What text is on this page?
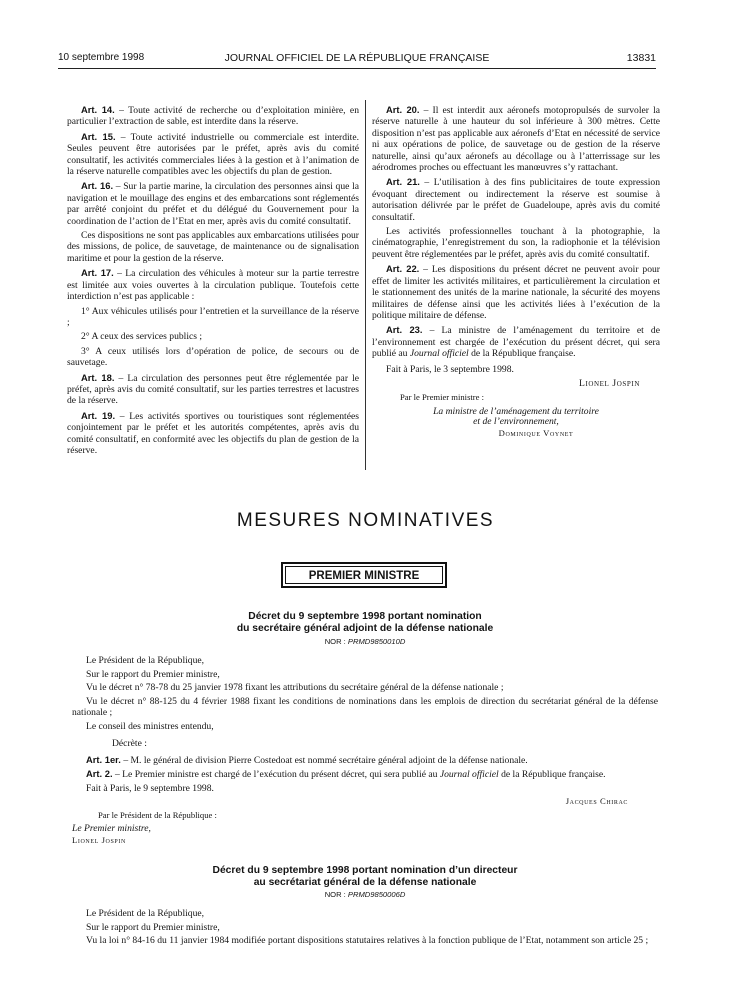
10 septembre 1998	JOURNAL OFFICIEL DE LA RÉPUBLIQUE FRANÇAISE	13831

Art. 14. – Toute activité de recherche ou d’exploitation minière, en particulier l’extraction de sable, est interdite dans la réserve.

Art. 15. – Toute activité industrielle ou commerciale est interdite. Seules peuvent être autorisées par le préfet, après avis du comité consultatif, les activités commerciales liées à la gestion et à l’animation de la réserve naturelle compatibles avec les objectifs du plan de gestion.

Art. 16. – Sur la partie marine, la circulation des personnes ainsi que la navigation et le mouillage des engins et des embarcations sont réglementés par arrêté conjoint du préfet et du délégué du Gouvernement pour la coordination de l’action de l’Etat en mer, après avis du comité consultatif.

Ces dispositions ne sont pas applicables aux embarcations utilisées pour des missions, de police, de sauvetage, de maintenance ou de signalisation maritime et pour la gestion de la réserve.

Art. 17. – La circulation des véhicules à moteur sur la partie terrestre est limitée aux voies ouvertes à la circulation publique. Toutefois cette interdiction n’est pas applicable :

1° Aux véhicules utilisés pour l’entretien et la surveillance de la réserve ;

2° A ceux des services publics ;

3° A ceux utilisés lors d’opération de police, de secours ou de sauvetage.

Art. 18. – La circulation des personnes peut être réglementée par le préfet, après avis du comité consultatif, sur les parties terrestres et lacustres de la réserve.

Art. 19. – Les activités sportives ou touristiques sont réglementées conjointement par le préfet et les autorités compétentes, après avis du comité consultatif, en conformité avec les objectifs du plan de gestion de la réserve.

Art. 20. – Il est interdit aux aéronefs motopropulsés de survoler la réserve naturelle à une hauteur du sol inférieure à 300 mètres. Cette disposition n’est pas applicable aux aéronefs d’Etat en nécessité de service ni aux opérations de police, de sauvetage ou de gestion de la réserve naturelle, ainsi qu’aux aéronefs au décollage ou à l’atterrissage sur les aérodromes proches ou effectuant les manœuvres s’y rattachant.

Art. 21. – L’utilisation à des fins publicitaires de toute expression évoquant directement ou indirectement la réserve est soumise à autorisation délivrée par le préfet de Guadeloupe, après avis du comité consultatif.

Les activités professionnelles touchant à la photographie, la cinématographie, l’enregistrement du son, la radiophonie et la télévision peuvent être réglementées par le préfet, après avis du comité consultatif.

Art. 22. – Les dispositions du présent décret ne peuvent avoir pour effet de limiter les activités militaires, et particulièrement la circulation et le stationnement des unités de la marine nationale, la sécurité des moyens militaires de défense ainsi que les activités liées à l’exécution de la politique militaire de défense.

Art. 23. – La ministre de l’aménagement du territoire et de l’environnement est chargée de l’exécution du présent décret, qui sera publié au Journal officiel de la République française.

Fait à Paris, le 3 septembre 1998.

Lionel Jospin

Par le Premier ministre :

La ministre de l’aménagement du territoire

et de l’environnement,

Dominique Voynet

MESURES NOMINATIVES
PREMIER MINISTRE
Décret du 9 septembre 1998 portant nomination
du secrétaire général adjoint de la défense nationale
NOR : PRMD9850010D

Le Président de la République,

Sur le rapport du Premier ministre,

Vu le décret n° 78-78 du 25 janvier 1978 fixant les attributions du secrétaire général de la défense nationale ;

Vu le décret n° 88-125 du 4 février 1988 fixant les conditions de nominations dans les emplois de direction du secrétariat général de la défense nationale ;

Le conseil des ministres entendu,

Décrète :

Art. 1er. – M. le général de division Pierre Costedoat est nommé secrétaire général adjoint de la défense nationale.

Art. 2. – Le Premier ministre est chargé de l’exécution du présent décret, qui sera publié au Journal officiel de la République française.

Fait à Paris, le 9 septembre 1998.

Jacques Chirac

Par le Président de la République :

Le Premier ministre,

Lionel Jospin

Décret du 9 septembre 1998 portant nomination d’un directeur
au secrétariat général de la défense nationale
NOR : PRMD9850006D

Le Président de la République,

Sur le rapport du Premier ministre,

Vu la loi n° 84-16 du 11 janvier 1984 modifiée portant dispositions statutaires relatives à la fonction publique de l’Etat, notamment son article 25 ;
